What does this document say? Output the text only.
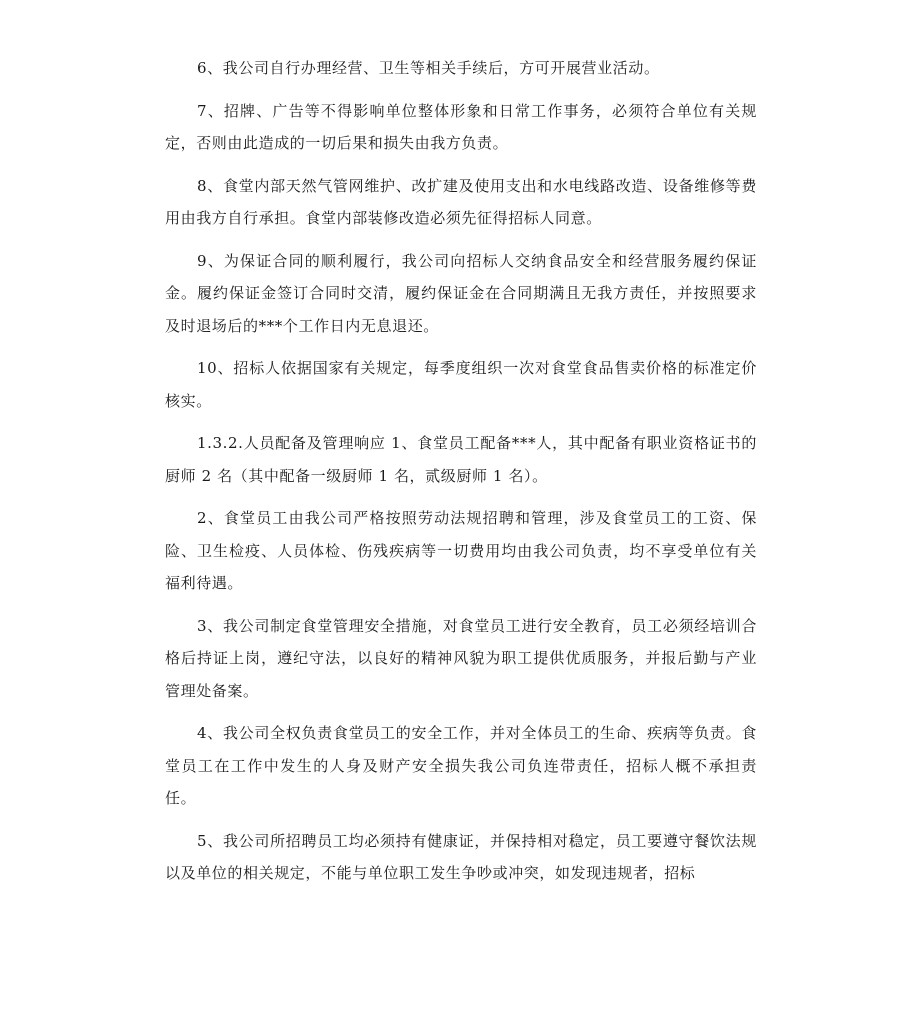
6、我公司自行办理经营、卫生等相关手续后，方可开展营业活动。

7、招牌、广告等不得影响单位整体形象和日常工作事务，必须符合单位有关规定，否则由此造成的一切后果和损失由我方负责。

8、食堂内部天然气管网维护、改扩建及使用支出和水电线路改造、设备维修等费用由我方自行承担。食堂内部装修改造必须先征得招标人同意。

9、为保证合同的顺利履行，我公司向招标人交纳食品安全和经营服务履约保证金。履约保证金签订合同时交清，履约保证金在合同期满且无我方责任，并按照要求及时退场后的***个工作日内无息退还。

10、招标人依据国家有关规定，每季度组织一次对食堂食品售卖价格的标准定价核实。

1.3.2.人员配备及管理响应 1、食堂员工配备***人，其中配备有职业资格证书的厨师 2 名（其中配备一级厨师 1 名，贰级厨师 1 名）。

2、食堂员工由我公司严格按照劳动法规招聘和管理，涉及食堂员工的工资、保险、卫生检疫、人员体检、伤残疾病等一切费用均由我公司负责，均不享受单位有关福利待遇。

3、我公司制定食堂管理安全措施，对食堂员工进行安全教育，员工必须经培训合格后持证上岗，遵纪守法，以良好的精神风貌为职工提供优质服务，并报后勤与产业管理处备案。

4、我公司全权负责食堂员工的安全工作，并对全体员工的生命、疾病等负责。食堂员工在工作中发生的人身及财产安全损失我公司负连带责任，招标人概不承担责任。

5、我公司所招聘员工均必须持有健康证，并保持相对稳定，员工要遵守餐饮法规以及单位的相关规定，不能与单位职工发生争吵或冲突，如发现违规者，招标
